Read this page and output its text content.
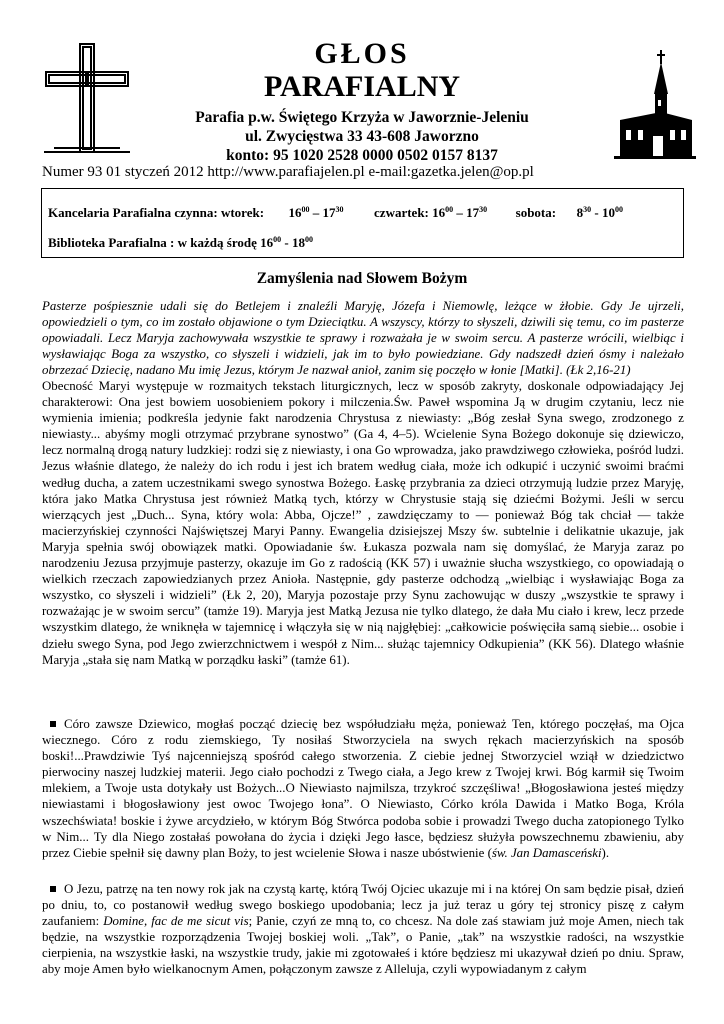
GŁOS
PARAFIALNY
Parafia p.w. Świętego Krzyża w Jaworznie-Jeleniu
ul. Zwycięstwa 33 43-608 Jaworzno
konto: 95 1020 2528 0000 0502 0157 8137
Numer 93 01 styczeń 2012 http://www.parafiajelen.pl e-mail:gazetka.jelen@op.pl
Kancelaria Parafialna czynna: wtorek: $16^{00} - 17^{30}$ czwartek: $16^{00} - 17^{30}$ sobota: $8^{30} - 10^{00}$
Biblioteka Parafialna : w każdą środę $16^{00} - 18^{00}$
Zamyślenia nad Słowem Bożym
Pasterze pośpiesznie udali się do Betlejem i znaleźli Maryję, Józefa i Niemowlę, leżące w żłobie. Gdy Je ujrzeli, opowiedzieli o tym, co im zostało objawione o tym Dzieciątku. A wszyscy, którzy to słyszeli, dziwili się temu, co im pasterze opowiadali. Lecz Maryja zachowywała wszystkie te sprawy i rozważała je w swoim sercu. A pasterze wrócili, wielbiąc i wysławiając Boga za wszystko, co słyszeli i widzieli, jak im to było powiedziane. Gdy nadszedł dzień ósmy i należało obrzezać Dziecię, nadano Mu imię Jezus, którym Je nazwał anioł, zanim się poczęło w łonie [Matki]. (Łk 2,16-21)
Obecność Maryi występuje w rozmaitych tekstach liturgicznych, lecz w sposób zakryty, doskonale odpowiadający Jej charakterowi: Ona jest bowiem uosobieniem pokory i milczenia.Św. Paweł wspomina Ją w drugim czytaniu, lecz nie wymienia imienia; podkreśla jedynie fakt narodzenia Chrystusa z niewiasty: „Bóg zesłał Syna swego, zrodzonego z niewiasty... abyśmy mogli otrzymać przybrane synostwo” (Ga 4, 4–5). Wcielenie Syna Bożego dokonuje się dziewiczo, lecz normalną drogą natury ludzkiej: rodzi się z niewiasty, i ona Go wprowadza, jako prawdziwego człowieka, pośród ludzi. Jezus właśnie dlatego, że należy do ich rodu i jest ich bratem według ciała, może ich odkupić i uczynić swoimi braćmi według ducha, a zatem uczestnikami swego synostwa Bożego. Łaskę przybrania za dzieci otrzymują ludzie przez Maryję, która jako Matka Chrystusa jest również Matką tych, którzy w Chrystusie stają się dziećmi Bożymi. Jeśli w sercu wierzących jest „Duch... Syna, który wola: Abba, Ojcze!” , zawdzięczamy to — ponieważ Bóg tak chciał — także macierzyńskiej czynności Najświętszej Maryi Panny. Ewangelia dzisiejszej Mszy św. subtelnie i delikatnie ukazuje, jak Maryja spełnia swój obowiązek matki. Opowiadanie św. Łukasza pozwala nam się domyślać, że Maryja zaraz po narodzeniu Jezusa przyjmuje pasterzy, okazuje im Go z radością (KK 57) i uważnie słucha wszystkiego, co opowiadają o wielkich rzeczach zapowiedzianych przez Anioła. Następnie, gdy pasterze odchodzą „wielbiąc i wysławiając Boga za wszystko, co słyszeli i widzieli” (Łk 2, 20), Maryja pozostaje przy Synu zachowując w duszy „wszystkie te sprawy i rozważając je w swoim sercu” (tamże 19). Maryja jest Matką Jezusa nie tylko dlatego, że dała Mu ciało i krew, lecz przede wszystkim dlatego, że wniknęła w tajemnicę i włączyła się w nią najgłębiej: „całkowicie poświęciła samą siebie... osobie i dziełu swego Syna, pod Jego zwierzchnictwem i wespół z Nim... służąc tajemnicy Odkupienia” (KK 56). Dlatego właśnie Maryja „stała się nam Matką w porządku łaski” (tamże 61).
Córo zawsze Dziewico, mogłaś począć dziecię bez współudziału męża, ponieważ Ten, którego poczęłaś, ma Ojca wiecznego. Córo z rodu ziemskiego, Ty nosiłaś Stworzyciela na swych rękach macierzyńskich na sposób boski!...Prawdziwie Tyś najcenniejszą spośród całego stworzenia. Z ciebie jednej Stworzyciel wziął w dziedzictwo pierwociny naszej ludzkiej materii. Jego ciało pochodzi z Twego ciała, a Jego krew z Twojej krwi. Bóg karmił się Twoim mlekiem, a Twoje usta dotykały ust Bożych...O Niewiasto najmilsza, trzykroć szczęśliwa! „Błogosławiona jesteś między niewiastami i błogosławiony jest owoc Twojego łona”. O Niewiasto, Córko króla Dawida i Matko Boga, Króla wszechświata! boskie i żywe arcydzieło, w którym Bóg Stwórca podoba sobie i prowadzi Twego ducha zatopionego Tylko w Nim... Ty dla Niego zostałaś powołana do życia i dzięki Jego łasce, będziesz służyła powszechnemu zbawieniu, aby przez Ciebie spełnił się dawny plan Boży, to jest wcielenie Słowa i nasze ubóstwienie (św. Jan Damasceński).
O Jezu, patrzę na ten nowy rok jak na czystą kartę, którą Twój Ojciec ukazuje mi i na której On sam będzie pisał, dzień po dniu, to, co postanowił według swego boskiego upodobania; lecz ja już teraz u góry tej stronicy piszę z całym zaufaniem: Domine, fac de me sicut vis; Panie, czyń ze mną to, co chcesz. Na dole zaś stawiam już moje Amen, niech tak będzie, na wszystkie rozporządzenia Twojej boskiej woli. „Tak”, o Panie, „tak” na wszystkie radości, na wszystkie cierpienia, na wszystkie łaski, na wszystkie trudy, jakie mi zgotowałeś i które będziesz mi ukazywał dzień po dniu. Spraw, aby moje Amen było wielkanocnym Amen, połączonym zawsze z Alleluja, czyli wypowiadanym z całym
